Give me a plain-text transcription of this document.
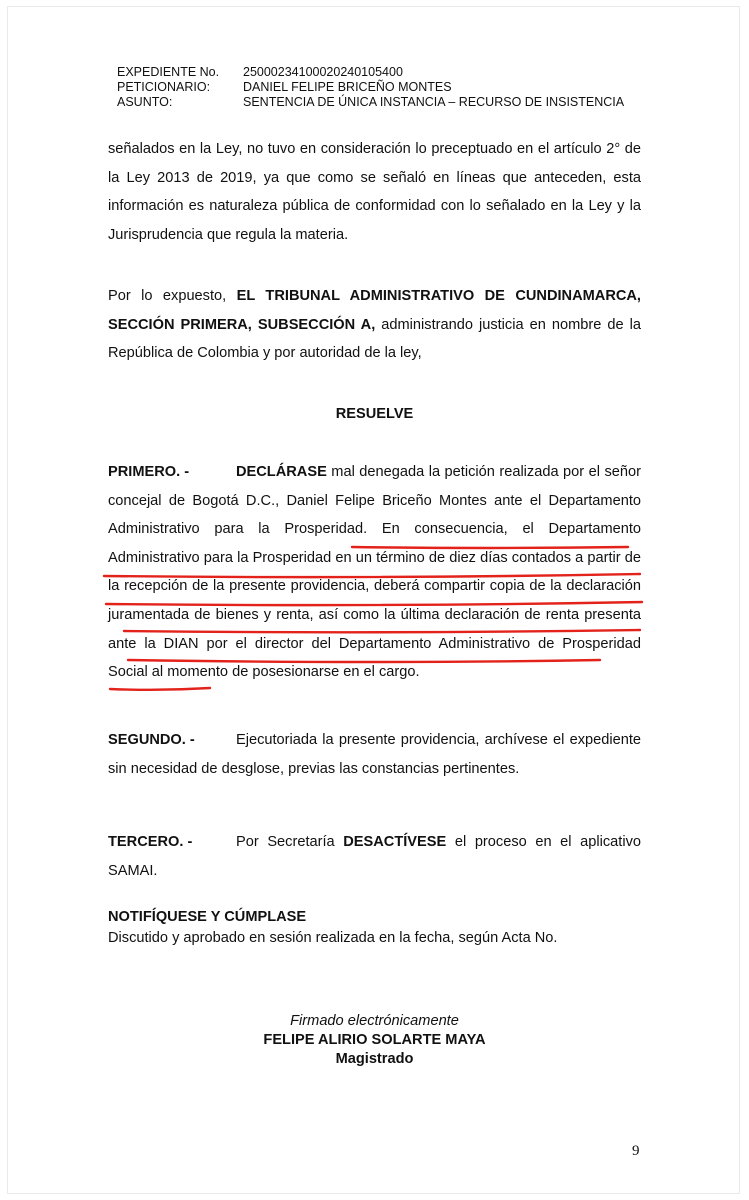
EXPEDIENTE No.	25000234100020240105400
PETICIONARIO:	DANIEL FELIPE BRICEÑO MONTES
ASUNTO:	SENTENCIA DE ÚNICA INSTANCIA – RECURSO DE INSISTENCIA
señalados en la Ley, no tuvo en consideración lo preceptuado en el artículo 2° de la Ley 2013 de 2019, ya que como se señaló en líneas que anteceden, esta información es naturaleza pública de conformidad con lo señalado en la Ley y la Jurisprudencia que regula la materia.
Por lo expuesto, EL TRIBUNAL ADMINISTRATIVO DE CUNDINAMARCA, SECCIÓN PRIMERA, SUBSECCIÓN A, administrando justicia en nombre de la República de Colombia y por autoridad de la ley,
RESUELVE
PRIMERO. -	DECLÁRASE mal denegada la petición realizada por el señor concejal de Bogotá D.C., Daniel Felipe Briceño Montes ante el Departamento Administrativo para la Prosperidad. En consecuencia, el Departamento Administrativo para la Prosperidad en un término de diez días contados a partir de la recepción de la presente providencia, deberá compartir copia de la declaración juramentada de bienes y renta, así como la última declaración de renta presenta ante la DIAN por el director del Departamento Administrativo de Prosperidad Social al momento de posesionarse en el cargo.
SEGUNDO. -	Ejecutoriada la presente providencia, archívese el expediente sin necesidad de desglose, previas las constancias pertinentes.
TERCERO. -	Por Secretaría DESACTÍVESE el proceso en el aplicativo SAMAI.
NOTIFÍQUESE Y CÚMPLASE
Discutido y aprobado en sesión realizada en la fecha, según Acta No.
Firmado electrónicamente
FELIPE ALIRIO SOLARTE MAYA
Magistrado
9
